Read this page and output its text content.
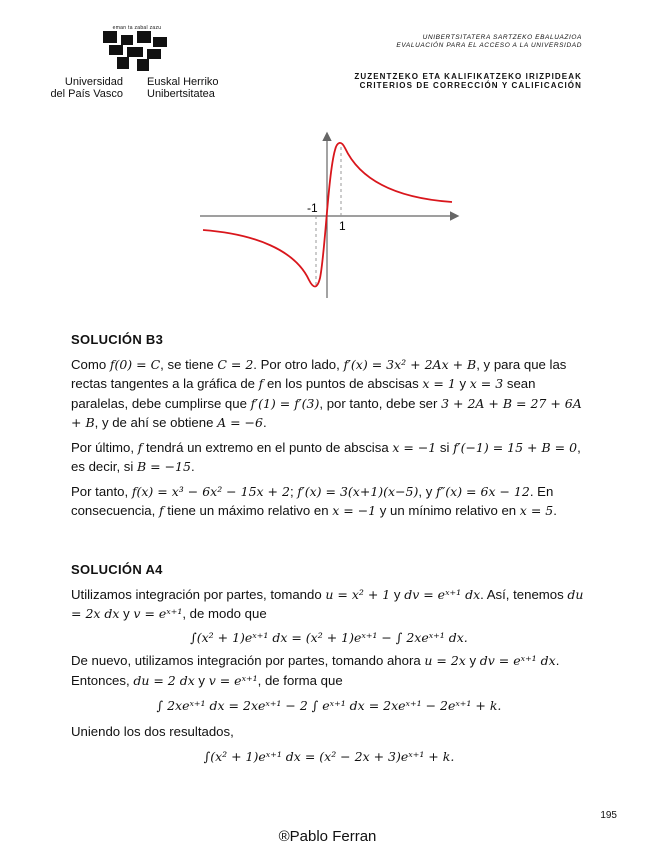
eman ta zabal zazu
Universidad
del País Vasco
Euskal Herriko
Unibertsitatea
UNIBERTSITATERA SARTZEKO EBALUAZIOA
EVALUACIÓN PARA EL ACCESO A LA UNIVERSIDAD
ZUZENTZEKO ETA KALIFIKATZEKO IRIZPIDEAK
CRITERIOS DE CORRECCIÓN Y CALIFICACIÓN
-1
1

SOLUCIÓN B3

Como f(0) = C, se tiene C = 2. Por otro lado, f′(x) = 3x² + 2Ax + B, y para que las rectas tangentes a la gráfica de f en los puntos de abscisas x = 1 y x = 3 sean paralelas, debe cumplirse que f′(1) = f′(3), por tanto, debe ser 3 + 2A + B = 27 + 6A + B, y de ahí se obtiene A = −6.

Por último, f tendrá un extremo en el punto de abscisa x = −1 si f′(−1) = 15 + B = 0, es decir, si B = −15.

Por tanto, f(x) = x³ − 6x² − 15x + 2; f′(x) = 3(x+1)(x−5), y f″(x) = 6x − 12. En consecuencia, f tiene un máximo relativo en x = −1 y un mínimo relativo en x = 5.

SOLUCIÓN A4

Utilizamos integración por partes, tomando u = x² + 1 y dv = eˣ⁺¹ dx. Así, tenemos du = 2x dx y v = eˣ⁺¹, de modo que

∫(x² + 1)eˣ⁺¹ dx = (x² + 1)eˣ⁺¹ − ∫ 2xeˣ⁺¹ dx.

De nuevo, utilizamos integración por partes, tomando ahora u = 2x y dv = eˣ⁺¹ dx. Entonces, du = 2 dx y v = eˣ⁺¹, de forma que

∫ 2xeˣ⁺¹ dx = 2xeˣ⁺¹ − 2 ∫ eˣ⁺¹ dx = 2xeˣ⁺¹ − 2eˣ⁺¹ + k.

Uniendo los dos resultados,

∫(x² + 1)eˣ⁺¹ dx = (x² − 2x + 3)eˣ⁺¹ + k.

195
®Pablo Ferran
